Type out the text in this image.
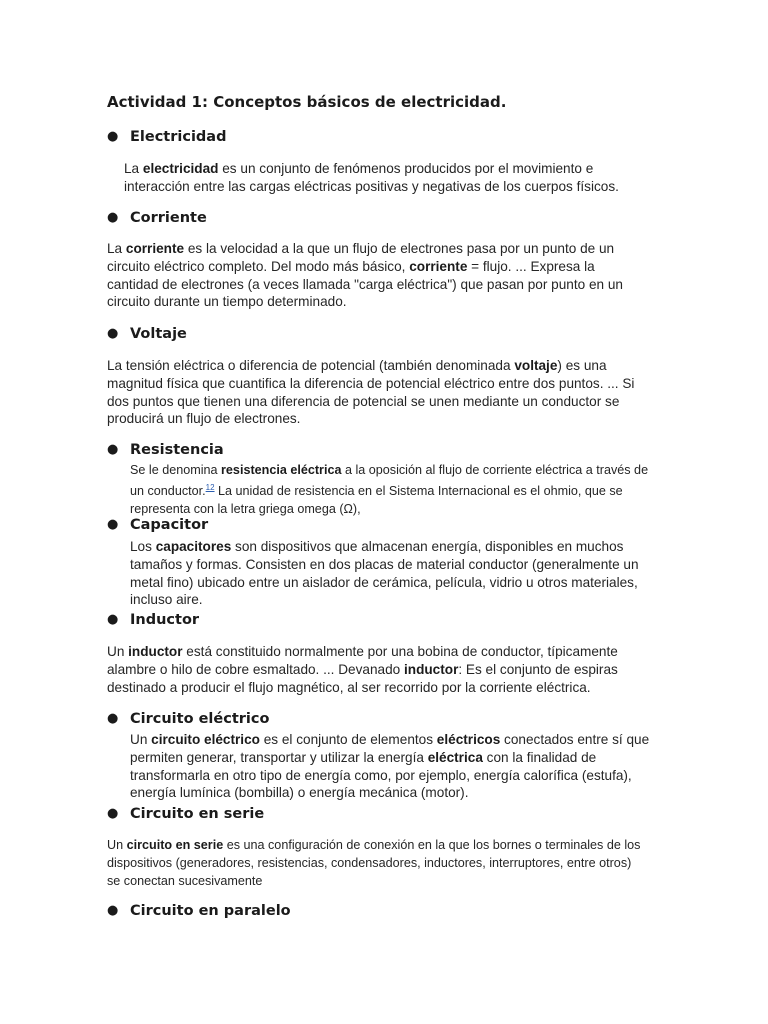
Actividad 1: Conceptos básicos de electricidad.
● Electricidad

La electricidad es un conjunto de fenómenos producidos por el movimiento e interacción entre las cargas eléctricas positivas y negativas de los cuerpos físicos.

● Corriente

La corriente es la velocidad a la que un flujo de electrones pasa por un punto de un circuito eléctrico completo. Del modo más básico, corriente = flujo. ... Expresa la cantidad de electrones (a veces llamada "carga eléctrica") que pasan por punto en un circuito durante un tiempo determinado.

● Voltaje

La tensión eléctrica o diferencia de potencial (también denominada voltaje) es una magnitud física que cuantifica la diferencia de potencial eléctrico entre dos puntos. ... Si dos puntos que tienen una diferencia de potencial se unen mediante un conductor se producirá un flujo de electrones.

● Resistencia

Se le denomina resistencia eléctrica a la oposición al flujo de corriente eléctrica a través de un conductor.$^{12}$ La unidad de resistencia en el Sistema Internacional es el ohmio, que se representa con la letra griega omega (Ω),

● Capacitor

Los capacitores son dispositivos que almacenan energía, disponibles en muchos tamaños y formas. Consisten en dos placas de material conductor (generalmente un metal fino) ubicado entre un aislador de cerámica, película, vidrio u otros materiales, incluso aire.

● Inductor

Un inductor está constituido normalmente por una bobina de conductor, típicamente alambre o hilo de cobre esmaltado. ... Devanado inductor: Es el conjunto de espiras destinado a producir el flujo magnético, al ser recorrido por la corriente eléctrica.

● Circuito eléctrico

Un circuito eléctrico es el conjunto de elementos eléctricos conectados entre sí que permiten generar, transportar y utilizar la energía eléctrica con la finalidad de transformarla en otro tipo de energía como, por ejemplo, energía calorífica (estufa), energía lumínica (bombilla) o energía mecánica (motor).

● Circuito en serie

Un circuito en serie es una configuración de conexión en la que los bornes o terminales de los dispositivos (generadores, resistencias, condensadores, inductores, interruptores, entre otros) se conectan sucesivamente

● Circuito en paralelo
